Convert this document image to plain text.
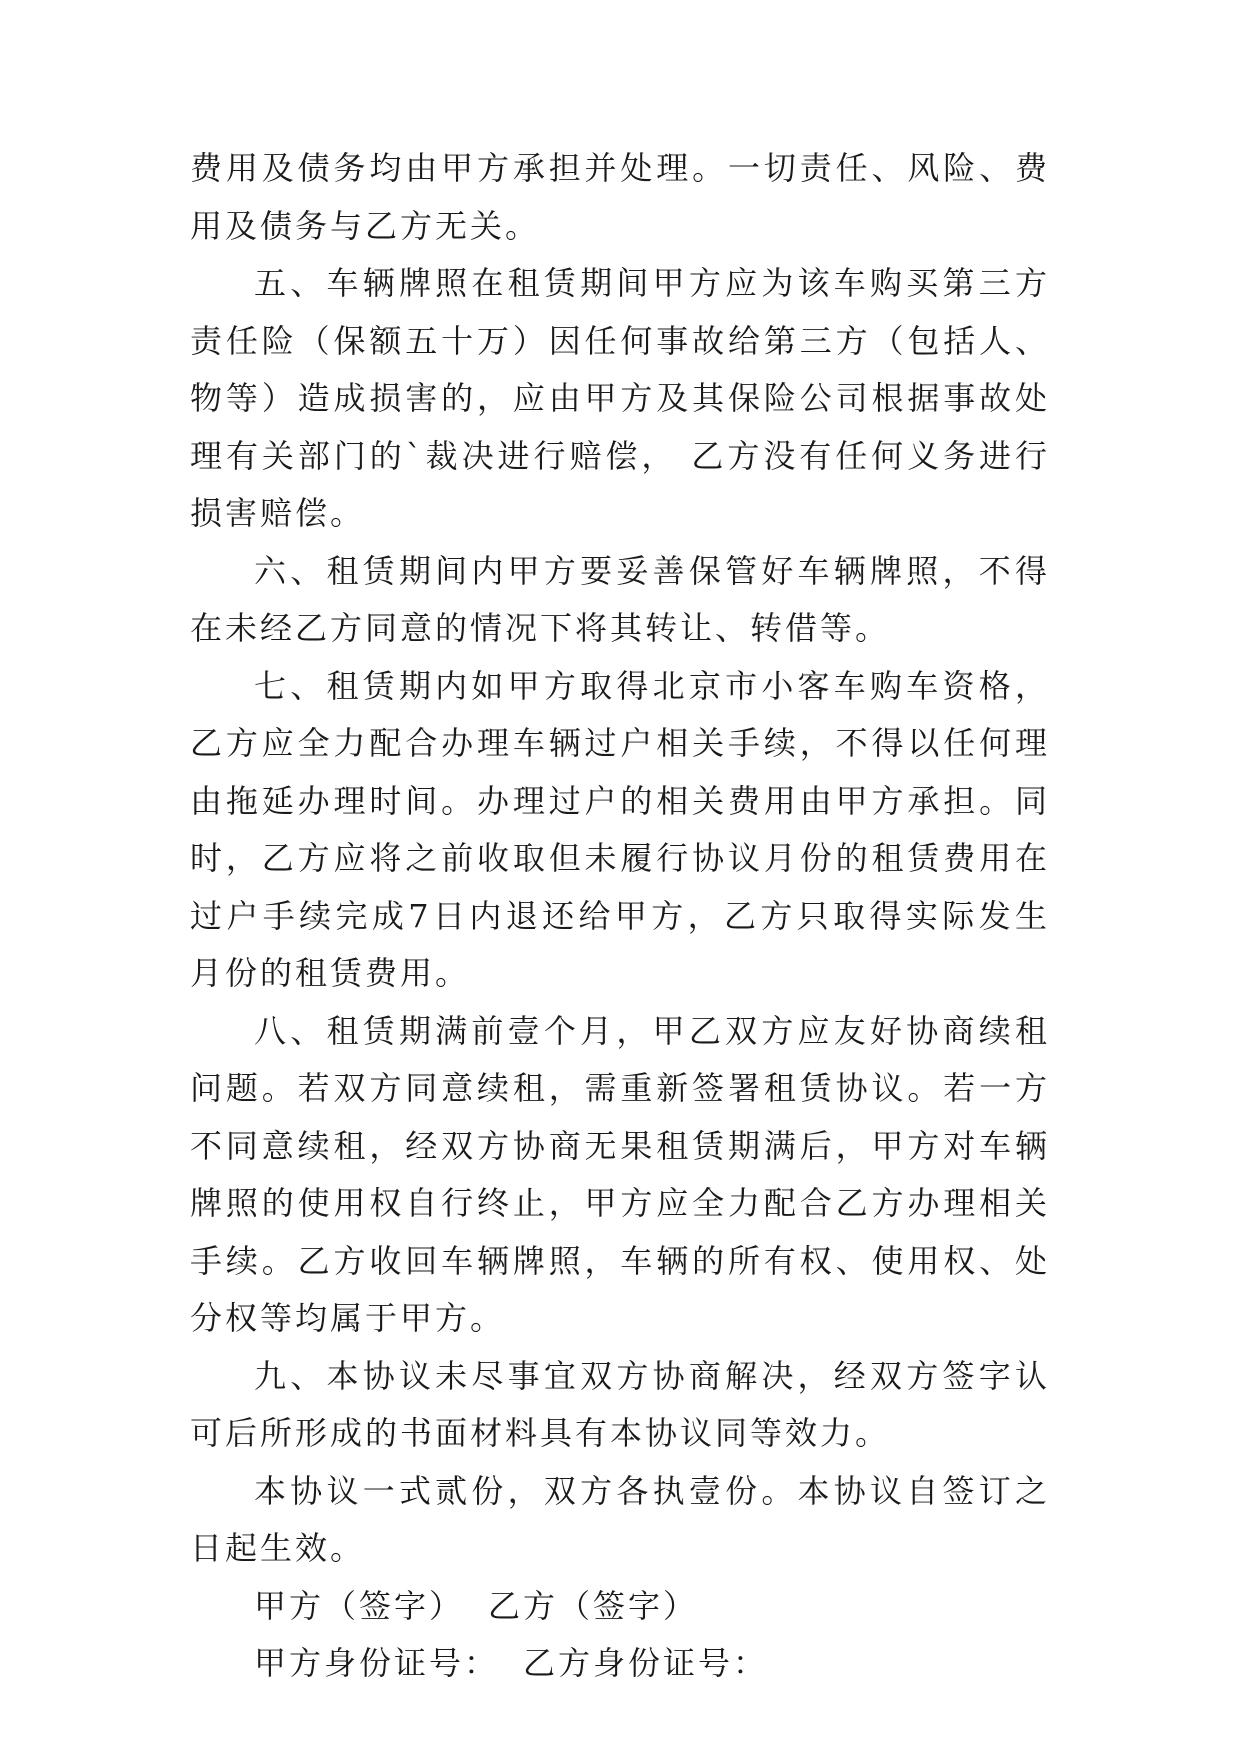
费用及债务均由甲方承担并处理。一切责任、风险、费用及债务与乙方无关。

五、车辆牌照在租赁期间甲方应为该车购买第三方责任险（保额五十万）因任何事故给第三方（包括人、物等）造成损害的，应由甲方及其保险公司根据事故处理有关部门的`裁决进行赔偿， 乙方没有任何义务进行损害赔偿。

六、租赁期间内甲方要妥善保管好车辆牌照，不得在未经乙方同意的情况下将其转让、转借等。

七、租赁期内如甲方取得北京市小客车购车资格，乙方应全力配合办理车辆过户相关手续，不得以任何理由拖延办理时间。办理过户的相关费用由甲方承担。同时，乙方应将之前收取但未履行协议月份的租赁费用在过户手续完成7日内退还给甲方，乙方只取得实际发生月份的租赁费用。

八、租赁期满前壹个月，甲乙双方应友好协商续租问题。若双方同意续租，需重新签署租赁协议。若一方不同意续租，经双方协商无果租赁期满后，甲方对车辆牌照的使用权自行终止，甲方应全力配合乙方办理相关手续。乙方收回车辆牌照，车辆的所有权、使用权、处分权等均属于甲方。

九、本协议未尽事宜双方协商解决，经双方签字认可后所形成的书面材料具有本协议同等效力。

本协议一式贰份，双方各执壹份。本协议自签订之日起生效。

甲方（签字） 乙方（签字）

甲方身份证号： 乙方身份证号：
